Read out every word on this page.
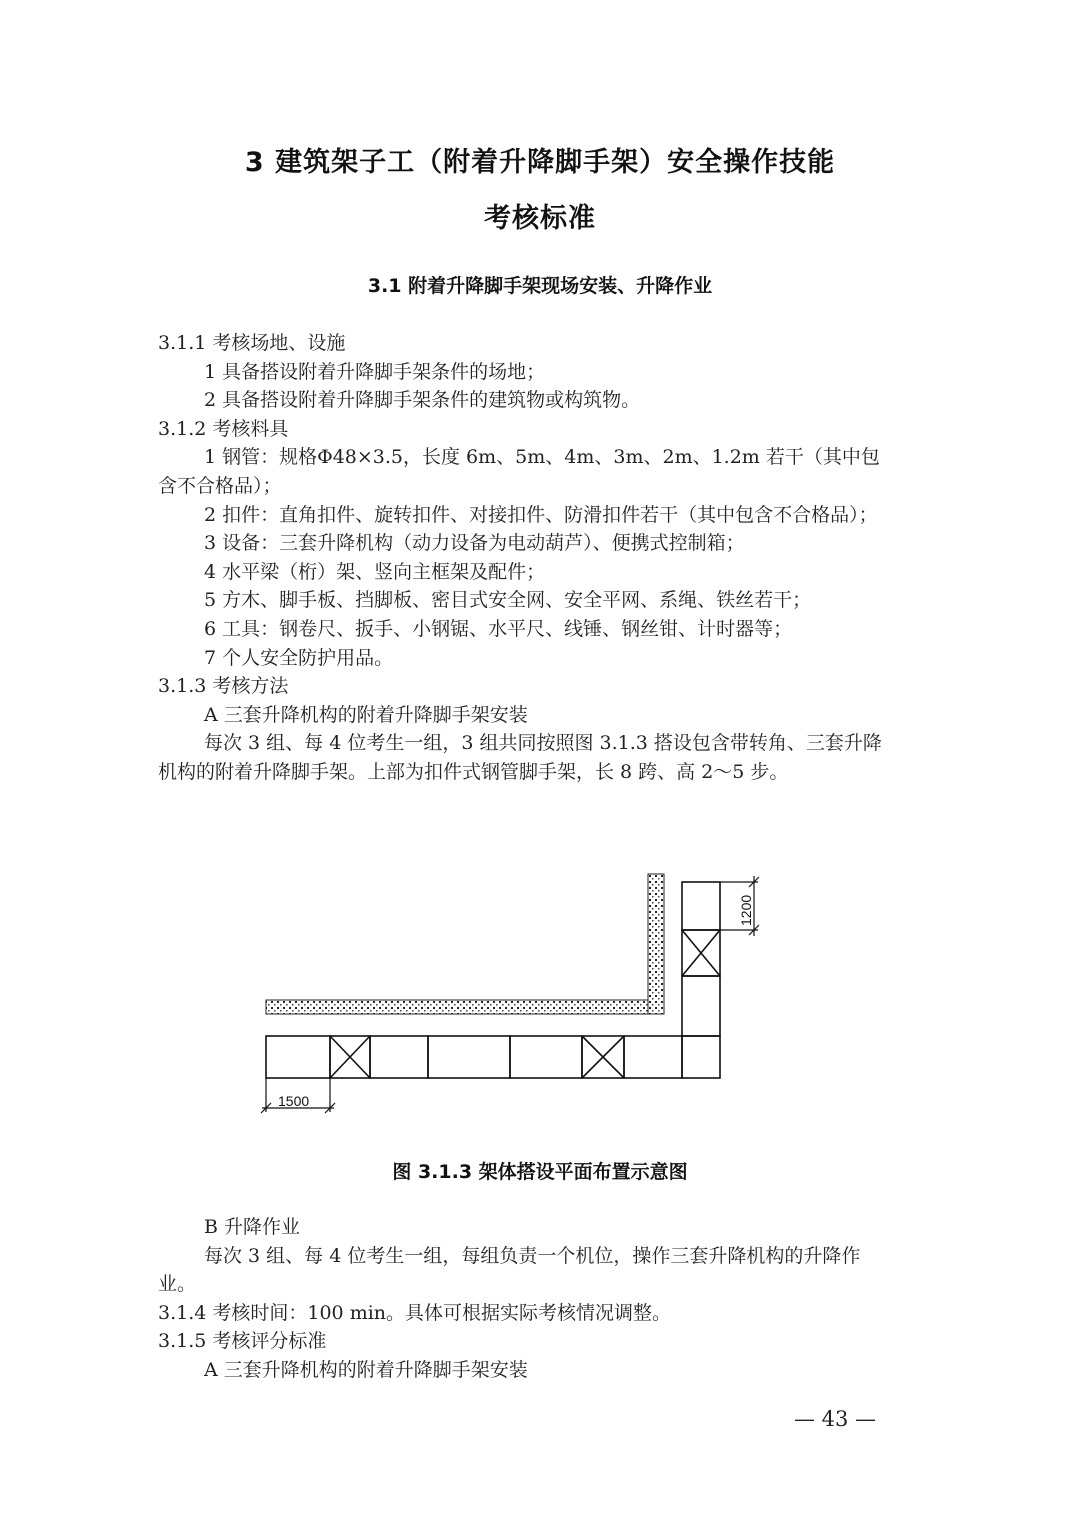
3 建筑架子工（附着升降脚手架）安全操作技能
考核标准
3.1 附着升降脚手架现场安装、升降作业

3.1.1 考核场地、设施

1 具备搭设附着升降脚手架条件的场地；

2 具备搭设附着升降脚手架条件的建筑物或构筑物。

3.1.2 考核料具

1 钢管：规格Φ48×3.5，长度 6m、5m、4m、3m、2m、1.2m 若干（其中包含不合格品）；

2 扣件：直角扣件、旋转扣件、对接扣件、防滑扣件若干（其中包含不合格品）；

3 设备：三套升降机构（动力设备为电动葫芦）、便携式控制箱；

4 水平梁（桁）架、竖向主框架及配件；

5 方木、脚手板、挡脚板、密目式安全网、安全平网、系绳、铁丝若干；

6 工具：钢卷尺、扳手、小钢锯、水平尺、线锤、钢丝钳、计时器等；

7 个人安全防护用品。

3.1.3 考核方法

A 三套升降机构的附着升降脚手架安装

每次 3 组、每 4 位考生一组，3 组共同按照图 3.1.3 搭设包含带转角、三套升降机构的附着升降脚手架。上部为扣件式钢管脚手架，长 8 跨、高 2～5 步。

1500
1200
图 3.1.3 架体搭设平面布置示意图

B 升降作业

每次 3 组、每 4 位考生一组，每组负责一个机位，操作三套升降机构的升降作业。

3.1.4 考核时间：100 min。具体可根据实际考核情况调整。

3.1.5 考核评分标准

A 三套升降机构的附着升降脚手架安装

— 43 —
